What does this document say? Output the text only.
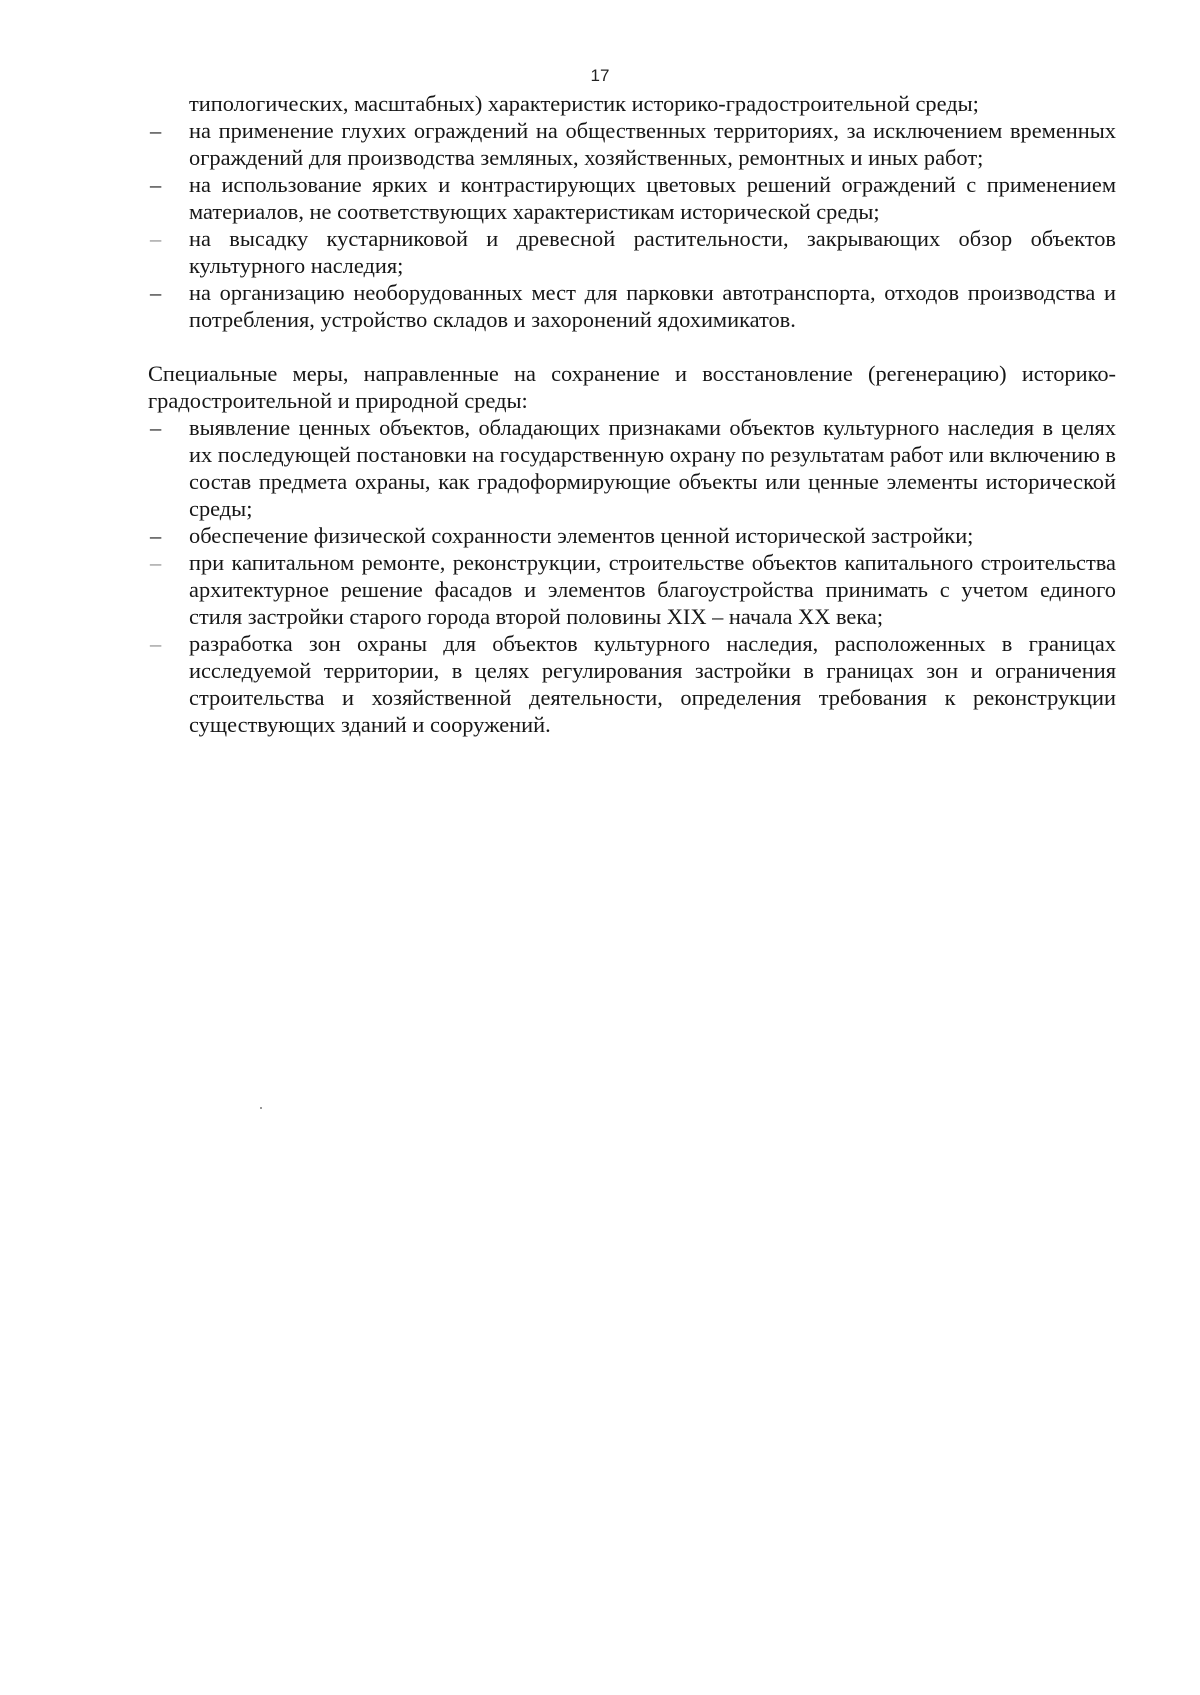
17

типологических, масштабных) характеристик историко-градостроительной среды;

– на применение глухих ограждений на общественных территориях, за исключением временных ограждений для производства земляных, хозяйственных, ремонтных и иных работ;
– на использование ярких и контрастирующих цветовых решений ограждений с применением материалов, не соответствующих характеристикам исторической среды;
– на высадку кустарниковой и древесной растительности, закрывающих обзор объектов культурного наследия;
– на организацию необорудованных мест для парковки автотранспорта, отходов производства и потребления, устройство складов и захоронений ядохимикатов.

Специальные меры, направленные на сохранение и восстановление (регенерацию) историко-градостроительной и природной среды:

– выявление ценных объектов, обладающих признаками объектов культурного наследия в целях их последующей постановки на государственную охрану по результатам работ или включению в состав предмета охраны, как градоформирующие объекты или ценные элементы исторической среды;
– обеспечение физической сохранности элементов ценной исторической застройки;
– при капитальном ремонте, реконструкции, строительстве объектов капитального строительства архитектурное решение фасадов и элементов благоустройства принимать с учетом единого стиля застройки старого города второй половины XIX – начала XX века;
– разработка зон охраны для объектов культурного наследия, расположенных в границах исследуемой территории, в целях регулирования застройки в границах зон и ограничения строительства и хозяйственной деятельности, определения требования к реконструкции существующих зданий и сооружений.
